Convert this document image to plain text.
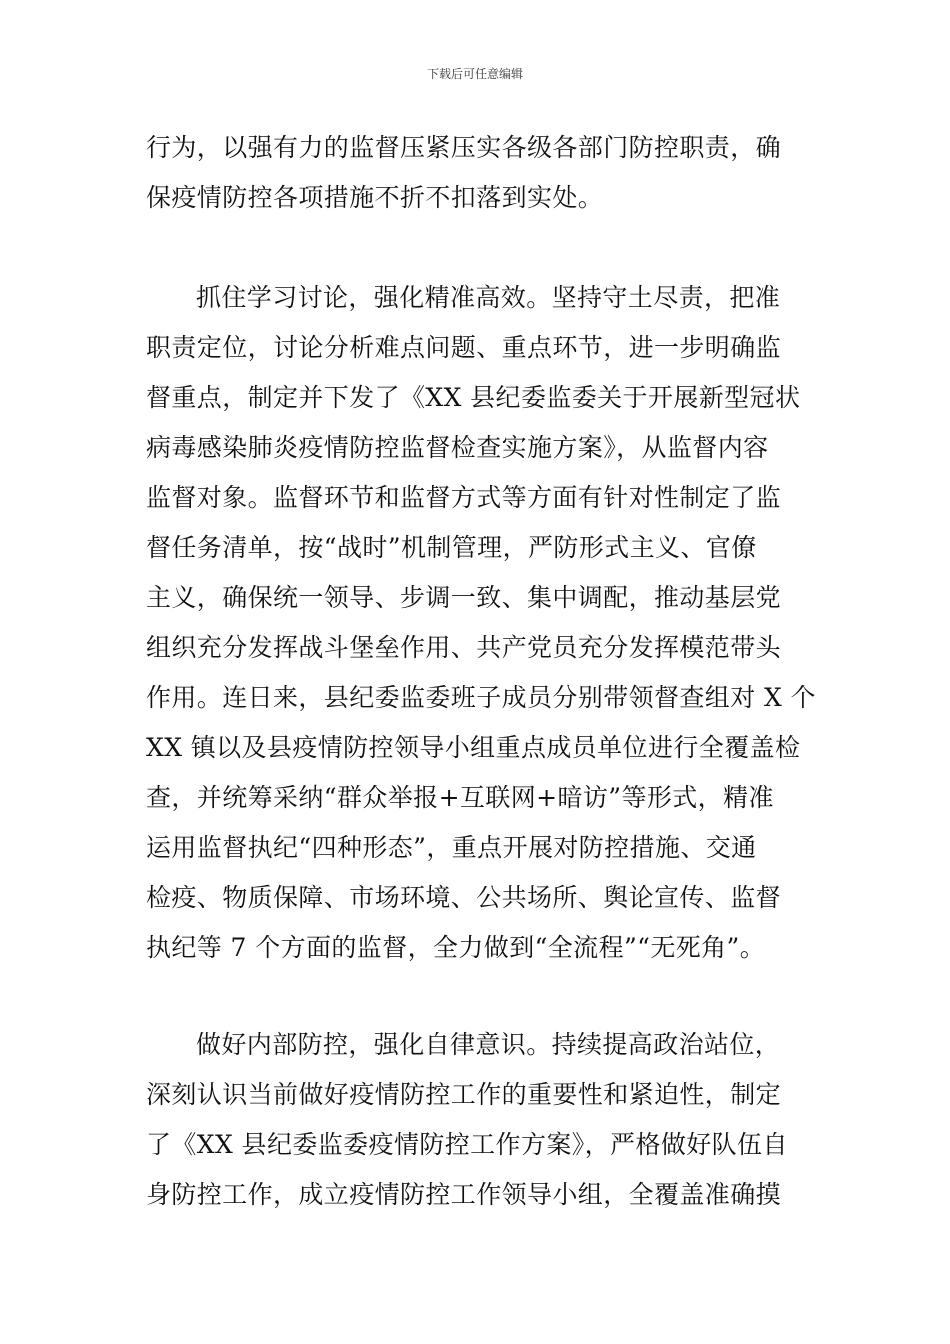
下载后可任意编辑
行为，以强有力的监督压紧压实各级各部门防控职责，确
保疫情防控各项措施不折不扣落到实处。
抓住学习讨论，强化精准高效。坚持守土尽责，把准
职责定位，讨论分析难点问题、重点环节，进一步明确监
督重点，制定并下发了《XX 县纪委监委关于开展新型冠状
病毒感染肺炎疫情防控监督检查实施方案》，从监督内容
监督对象。监督环节和监督方式等方面有针对性制定了监
督任务清单，按“战时”机制管理，严防形式主义、官僚
主义，确保统一领导、步调一致、集中调配，推动基层党
组织充分发挥战斗堡垒作用、共产党员充分发挥模范带头
作用。连日来，县纪委监委班子成员分别带领督查组对 X 个
XX 镇以及县疫情防控领导小组重点成员单位进行全覆盖检
查，并统筹采纳“群众举报+互联网+暗访”等形式，精准
运用监督执纪“四种形态”，重点开展对防控措施、交通
检疫、物质保障、市场环境、公共场所、舆论宣传、监督
执纪等 7 个方面的监督，全力做到“全流程”“无死角”。
做好内部防控，强化自律意识。持续提高政治站位，
深刻认识当前做好疫情防控工作的重要性和紧迫性，制定
了《XX 县纪委监委疫情防控工作方案》，严格做好队伍自
身防控工作，成立疫情防控工作领导小组，全覆盖准确摸
